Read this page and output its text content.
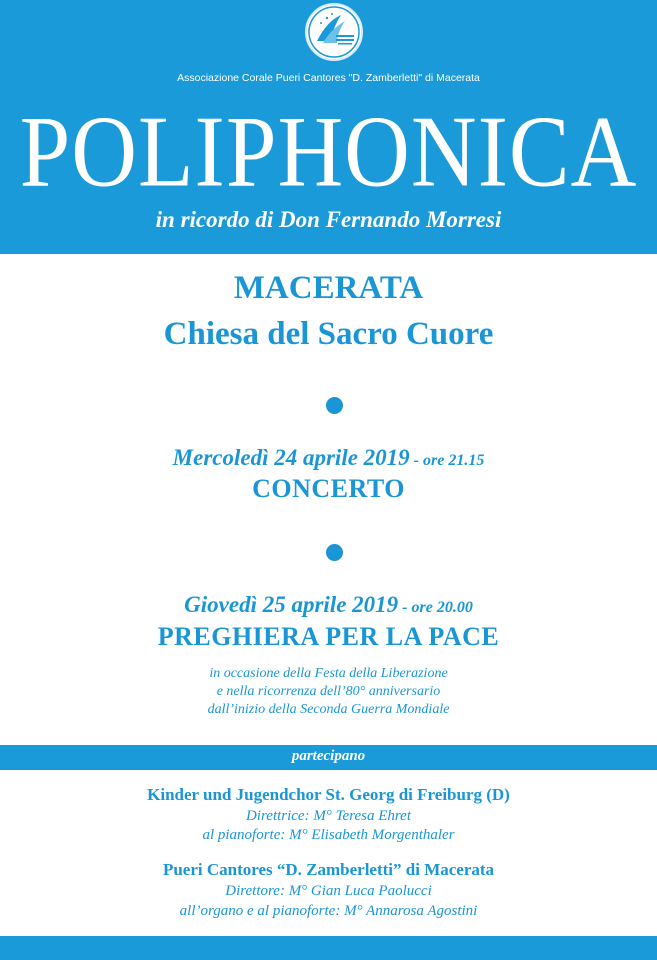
Associazione Corale Pueri Cantores "D. Zamberletti" di Macerata
POLIPHONICA
in ricordo di Don Fernando Morresi
MACERATA
Chiesa del Sacro Cuore
Mercoledì 24 aprile 2019 - ore 21.15
CONCERTO
Giovedì 25 aprile 2019 - ore 20.00
PREGHIERA PER LA PACE
in occasione della Festa della Liberazione
e nella ricorrenza dell’80° anniversario
dall’inizio della Seconda Guerra Mondiale
partecipano
Kinder und Jugendchor St. Georg di Freiburg (D)
Direttrice: M° Teresa Ehret
al pianoforte: M° Elisabeth Morgenthaler
Pueri Cantores “D. Zamberletti” di Macerata
Direttore: M° Gian Luca Paolucci
all’organo e al pianoforte: M° Annarosa Agostini
